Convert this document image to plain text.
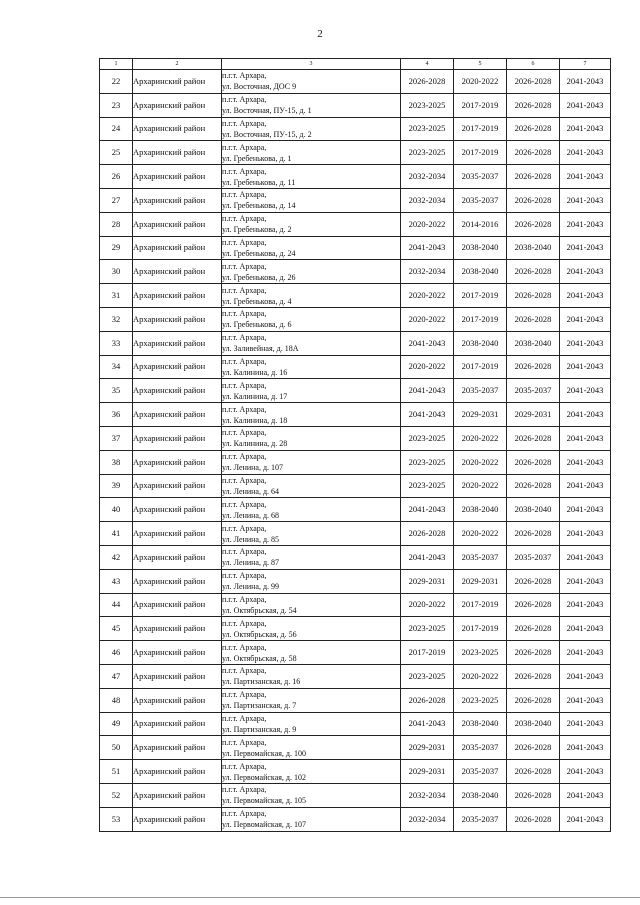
2
1	2	3	4	5	6	7
22	Архаринский район	п.г.т. Архара,
ул. Восточная, ДОС 9	2026-2028	2020-2022	2026-2028	2041-2043
23	Архаринский район	п.г.т. Архара,
ул. Восточная, ПУ-15, д. 1	2023-2025	2017-2019	2026-2028	2041-2043
24	Архаринский район	п.г.т. Архара,
ул. Восточная, ПУ-15, д. 2	2023-2025	2017-2019	2026-2028	2041-2043
25	Архаринский район	п.г.т. Архара,
ул. Гребенькова, д. 1	2023-2025	2017-2019	2026-2028	2041-2043
26	Архаринский район	п.г.т. Архара,
ул. Гребенькова, д. 11	2032-2034	2035-2037	2026-2028	2041-2043
27	Архаринский район	п.г.т. Архара,
ул. Гребенькова, д. 14	2032-2034	2035-2037	2026-2028	2041-2043
28	Архаринский район	п.г.т. Архара,
ул. Гребенькова, д. 2	2020-2022	2014-2016	2026-2028	2041-2043
29	Архаринский район	п.г.т. Архара,
ул. Гребенькова, д. 24	2041-2043	2038-2040	2038-2040	2041-2043
30	Архаринский район	п.г.т. Архара,
ул. Гребенькова, д. 26	2032-2034	2038-2040	2026-2028	2041-2043
31	Архаринский район	п.г.т. Архара,
ул. Гребенькова, д. 4	2020-2022	2017-2019	2026-2028	2041-2043
32	Архаринский район	п.г.т. Архара,
ул. Гребенькова, д. 6	2020-2022	2017-2019	2026-2028	2041-2043
33	Архаринский район	п.г.т. Архара,
ул. Заливейная, д. 18А	2041-2043	2038-2040	2038-2040	2041-2043
34	Архаринский район	п.г.т. Архара,
ул. Калинина, д. 16	2020-2022	2017-2019	2026-2028	2041-2043
35	Архаринский район	п.г.т. Архара,
ул. Калинина, д. 17	2041-2043	2035-2037	2035-2037	2041-2043
36	Архаринский район	п.г.т. Архара,
ул. Калинина, д. 18	2041-2043	2029-2031	2029-2031	2041-2043
37	Архаринский район	п.г.т. Архара,
ул. Калинина, д. 28	2023-2025	2020-2022	2026-2028	2041-2043
38	Архаринский район	п.г.т. Архара,
ул. Ленина, д. 107	2023-2025	2020-2022	2026-2028	2041-2043
39	Архаринский район	п.г.т. Архара,
ул. Ленина, д. 64	2023-2025	2020-2022	2026-2028	2041-2043
40	Архаринский район	п.г.т. Архара,
ул. Ленина, д. 68	2041-2043	2038-2040	2038-2040	2041-2043
41	Архаринский район	п.г.т. Архара,
ул. Ленина, д. 85	2026-2028	2020-2022	2026-2028	2041-2043
42	Архаринский район	п.г.т. Архара,
ул. Ленина, д. 87	2041-2043	2035-2037	2035-2037	2041-2043
43	Архаринский район	п.г.т. Архара,
ул. Ленина, д. 99	2029-2031	2029-2031	2026-2028	2041-2043
44	Архаринский район	п.г.т. Архара,
ул. Октябрьская, д. 54	2020-2022	2017-2019	2026-2028	2041-2043
45	Архаринский район	п.г.т. Архара,
ул. Октябрьская, д. 56	2023-2025	2017-2019	2026-2028	2041-2043
46	Архаринский район	п.г.т. Архара,
ул. Октябрьская, д. 58	2017-2019	2023-2025	2026-2028	2041-2043
47	Архаринский район	п.г.т. Архара,
ул. Партизанская, д. 16	2023-2025	2020-2022	2026-2028	2041-2043
48	Архаринский район	п.г.т. Архара,
ул. Партизанская, д. 7	2026-2028	2023-2025	2026-2028	2041-2043
49	Архаринский район	п.г.т. Архара,
ул. Партизанская, д. 9	2041-2043	2038-2040	2038-2040	2041-2043
50	Архаринский район	п.г.т. Архара,
ул. Первомайская, д. 100	2029-2031	2035-2037	2026-2028	2041-2043
51	Архаринский район	п.г.т. Архара,
ул. Первомайская, д. 102	2029-2031	2035-2037	2026-2028	2041-2043
52	Архаринский район	п.г.т. Архара,
ул. Первомайская, д. 105	2032-2034	2038-2040	2026-2028	2041-2043
53	Архаринский район	п.г.т. Архара,
ул. Первомайская, д. 107	2032-2034	2035-2037	2026-2028	2041-2043
